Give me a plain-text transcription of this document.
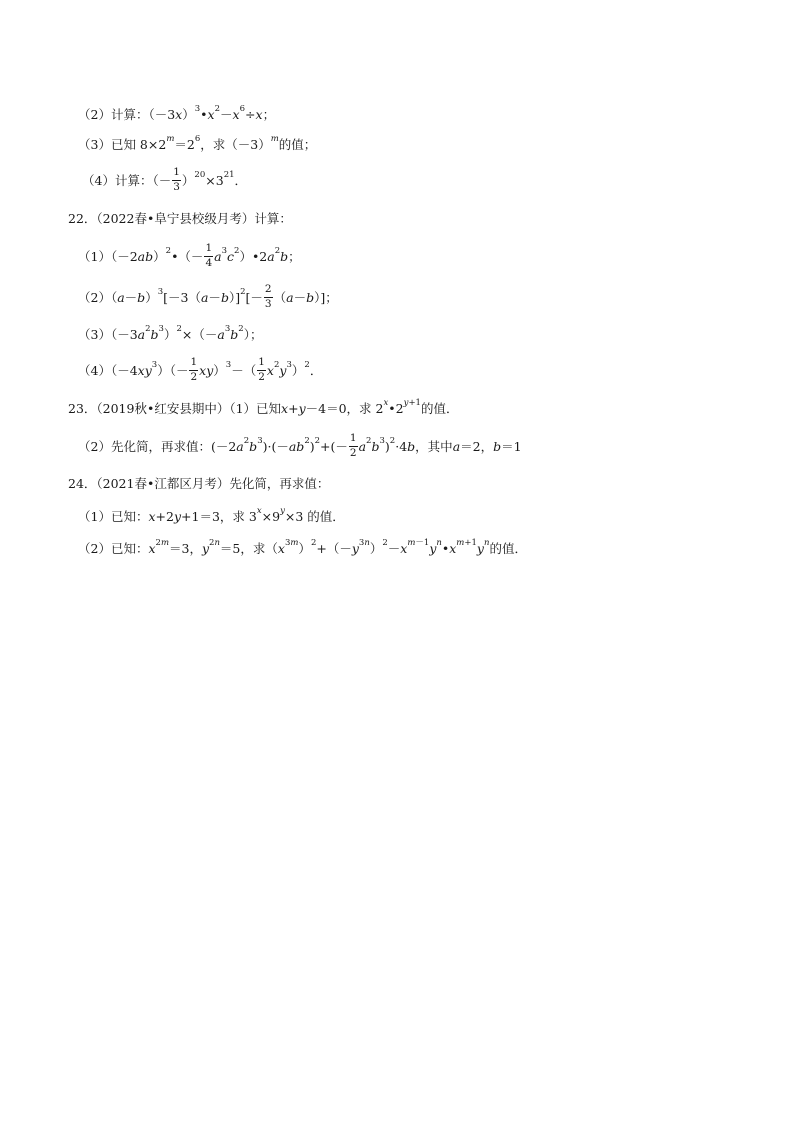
（2）计算：（－3 x ）$^3$ • $x^2 - x^6 \div x$ ；
（3）已知 $8\times 2^m =2^6$ ，求$(-3)^m$ 的值；
（4）计算：（－ $\frac{1}{3} )^{20} \times 3^{21}$ ．
22．（2022春•阜宁县校级月考）计算：
（1）（－2 ab ）$^2$ •（－ $\frac{1}{4} a^3$ $c^2$ ）•2 $a^2$ b ；
（2）（ a － b ）$^3$ [－3（ a － b ）]$^2$ [－ $\frac{2}{3}$ （ a － b ）]；
（3）（－3 $a^2$ $b^3$ ）$^2$ ×（－ $a^3$ $b^2$ ）；
（4）（－4 $xy^3$ ）（－ $\frac{1}{2}$ xy ）$^3$ －（ $\frac{1}{2} x^2$ $y^3$ ）$^2$ ．
23．（2019秋•红安县期中）（1）已知 x + y －4＝0，求 2$^x$ $•2^{y+1}$ 的值．
（2）先化简，再求值：(－2 $a^2$ $b^3$ )·(－ $ab^2$ )$^2$ +(－ $\frac{1}{2} a^2$ $b^3$ )$^2$ ·4 b ，其中 a ＝2， b ＝1
24．（2021春•江都区月考）先化简，再求值：
（1）已知： x +2 y +1＝3，求 $3^x \times 9^y \times 3$ 的值．
（2）已知： $x^{2m} =3$， $y^{2n} =5$，求（ $x^{3m}$ ）$^2$ +（－ $y^{3n}$ ）$^2 - x^{m-1}$ $y^n$ • $x^{m+1}$ $y^n$ 的值．
